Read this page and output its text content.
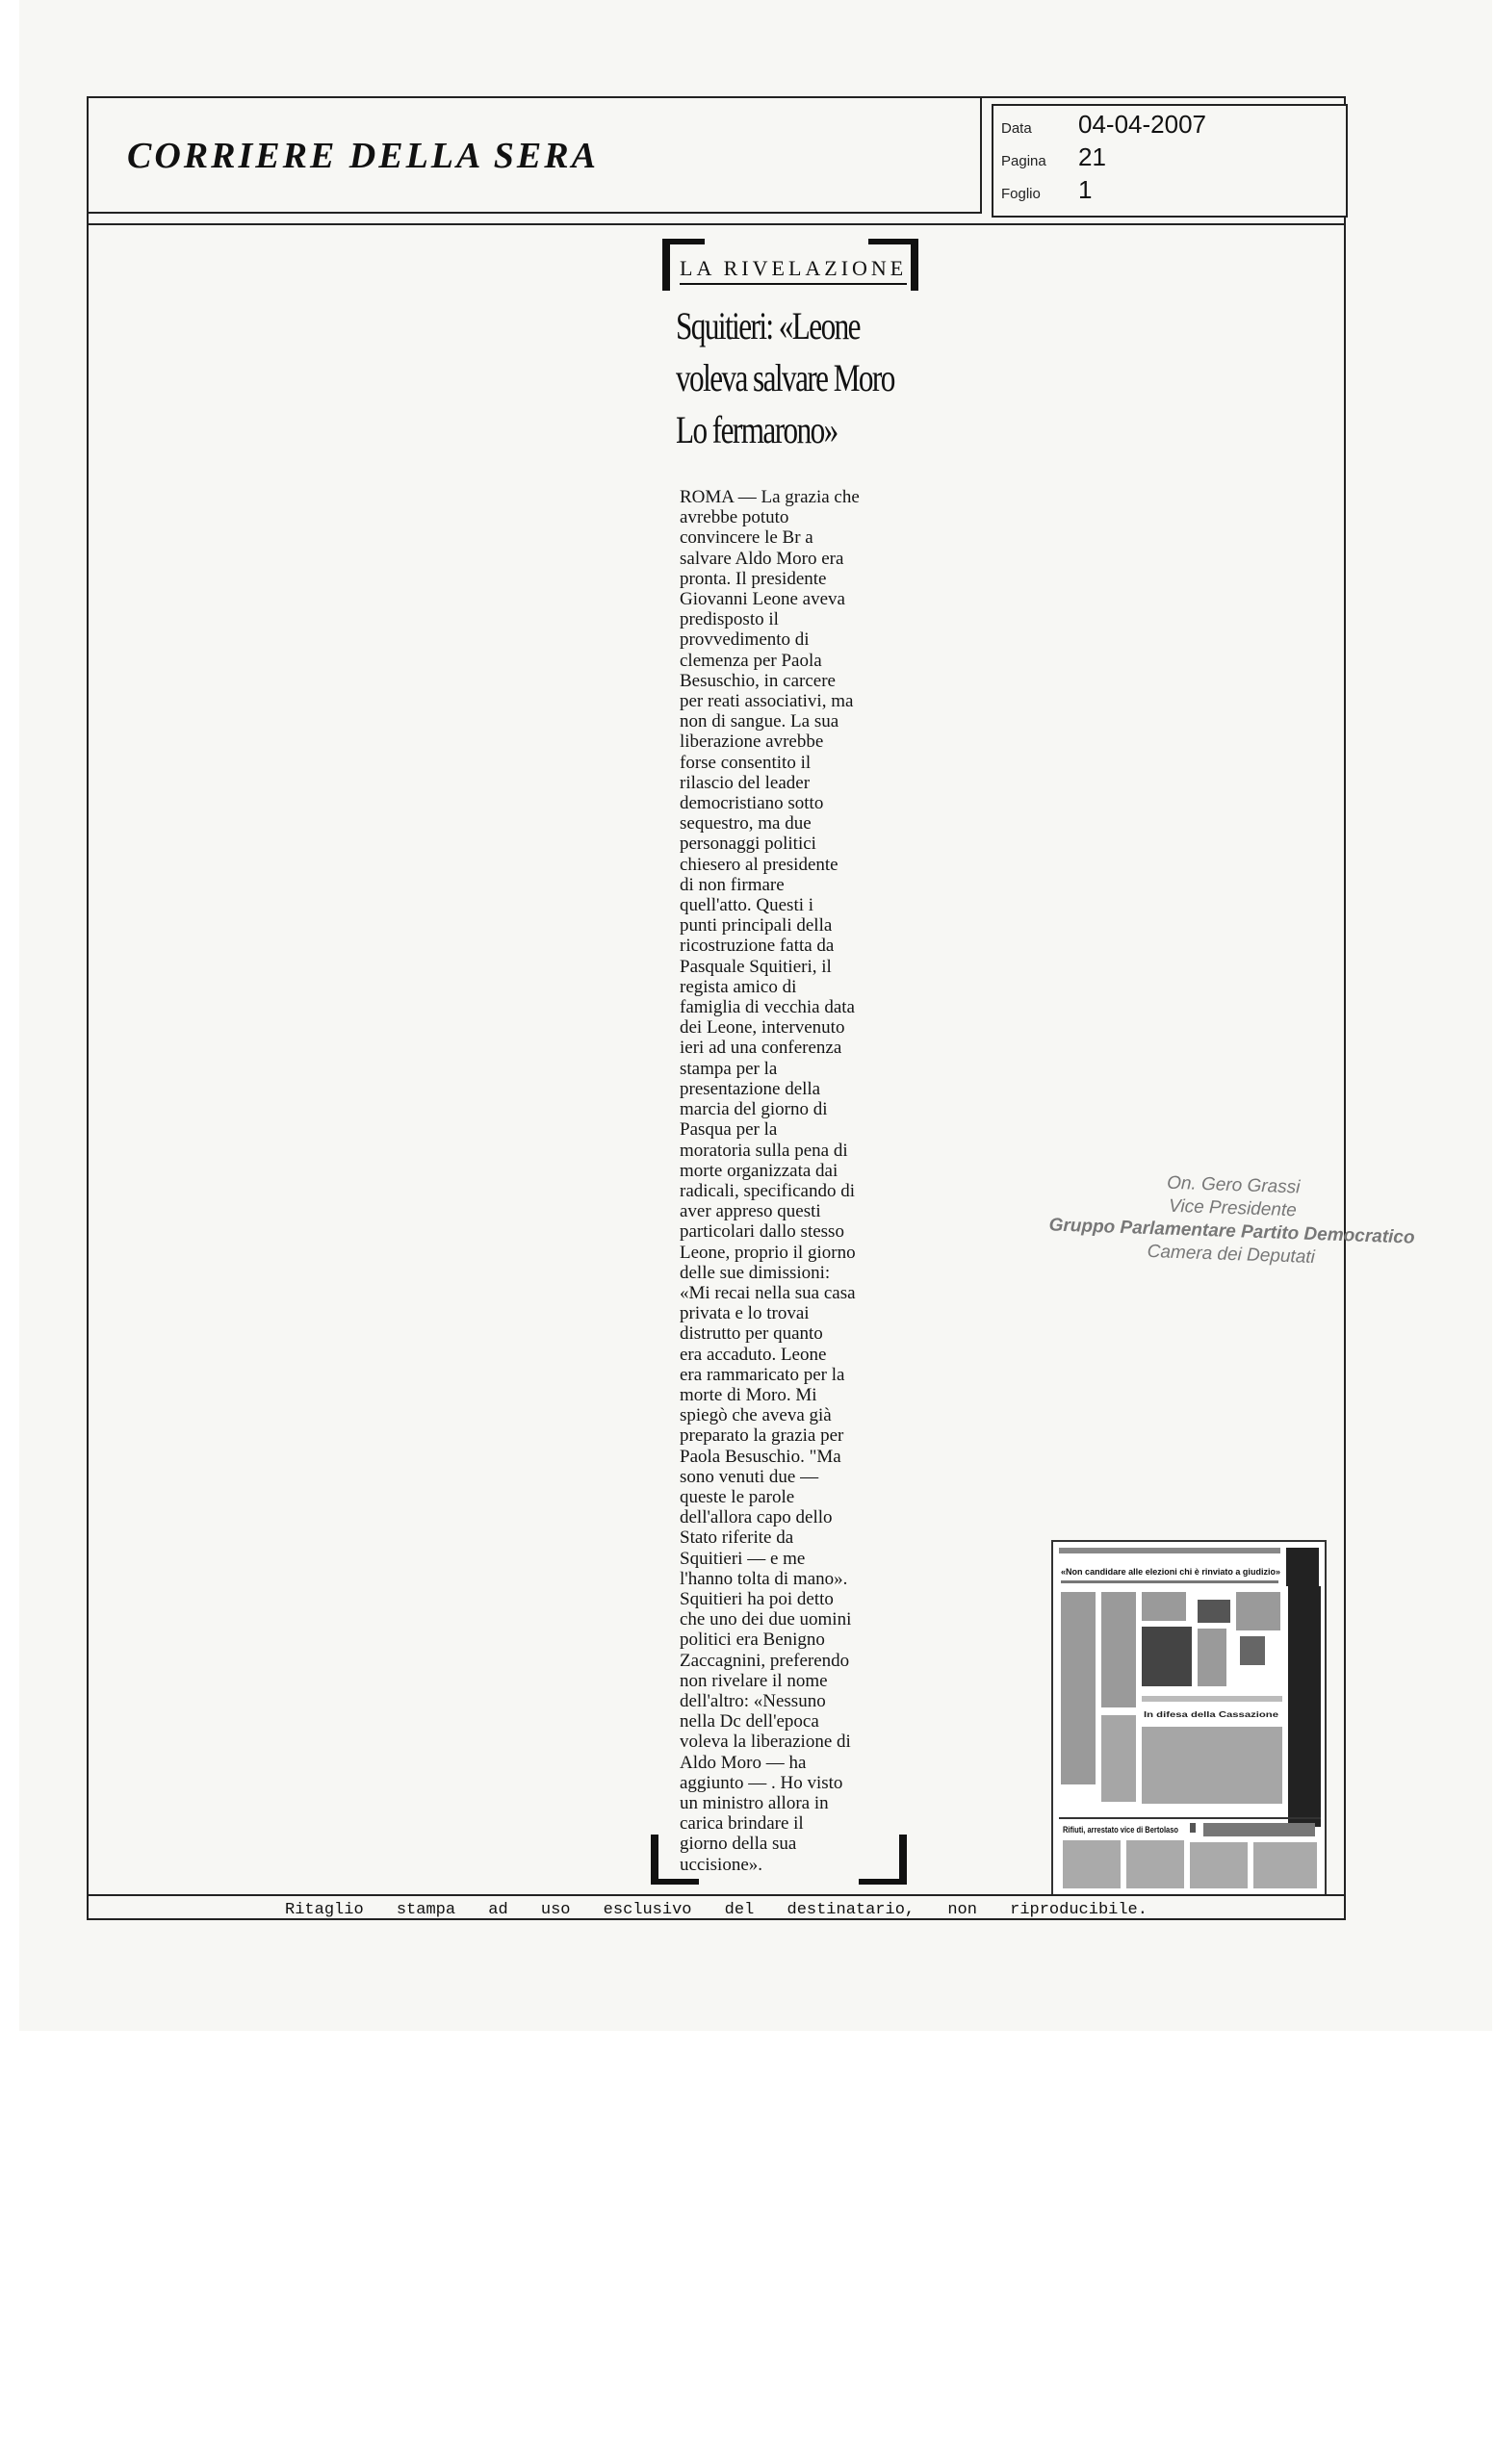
CORRIERE DELLA SERA
Data 04-04-2007
Pagina 21
Foglio 1
LA RIVELAZIONE
Squitieri: «Leone
voleva salvare Moro
Lo fermarono»
ROMA — La grazia che
avrebbe potuto
convincere le Br a
salvare Aldo Moro era
pronta. Il presidente
Giovanni Leone aveva
predisposto il
provvedimento di
clemenza per Paola
Besuschio, in carcere
per reati associativi, ma
non di sangue. La sua
liberazione avrebbe
forse consentito il
rilascio del leader
democristiano sotto
sequestro, ma due
personaggi politici
chiesero al presidente
di non firmare
quell'atto. Questi i
punti principali della
ricostruzione fatta da
Pasquale Squitieri, il
regista amico di
famiglia di vecchia data
dei Leone, intervenuto
ieri ad una conferenza
stampa per la
presentazione della
marcia del giorno di
Pasqua per la
moratoria sulla pena di
morte organizzata dai
radicali, specificando di
aver appreso questi
particolari dallo stesso
Leone, proprio il giorno
delle sue dimissioni:
«Mi recai nella sua casa
privata e lo trovai
distrutto per quanto
era accaduto. Leone
era rammaricato per la
morte di Moro. Mi
spiegò che aveva già
preparato la grazia per
Paola Besuschio. "Ma
sono venuti due —
queste le parole
dell'allora capo dello
Stato riferite da
Squitieri — e me
l'hanno tolta di mano».
Squitieri ha poi detto
che uno dei due uomini
politici era Benigno
Zaccagnini, preferendo
non rivelare il nome
dell'altro: «Nessuno
nella Dc dell'epoca
voleva la liberazione di
Aldo Moro — ha
aggiunto — . Ho visto
un ministro allora in
carica brindare il
giorno della sua
uccisione».
On. Gero Grassi
Vice Presidente
Gruppo Parlamentare Partito Democratico
Camera dei Deputati
«Non candidare alle elezioni chi è rinviato a giudizio»
In difesa della Cassazione
Rifiuti, arrestato vice di Bertolaso
Ritaglio stampa ad uso esclusivo del destinatario, non riproducibile.
